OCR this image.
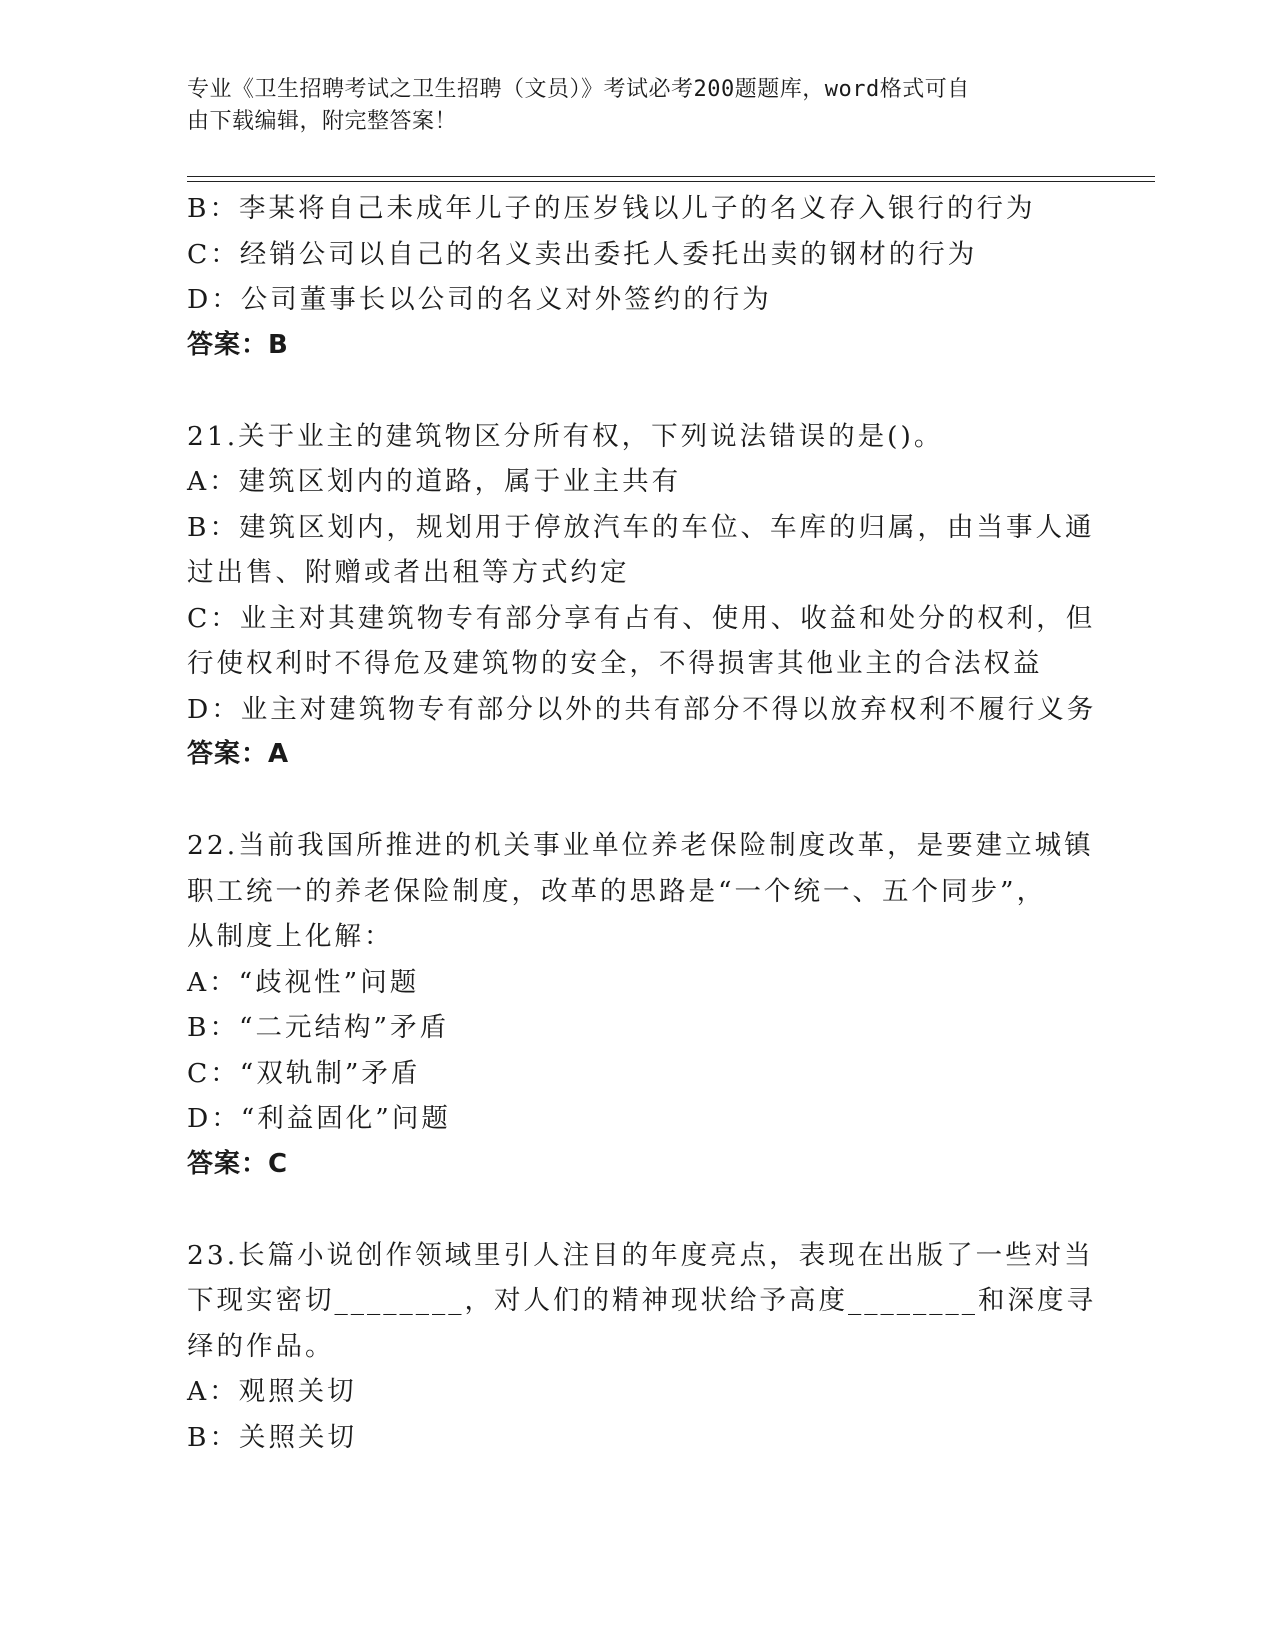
专业《卫生招聘考试之卫生招聘（文员）》考试必考200题题库，word格式可自
由下载编辑，附完整答案！
B：李某将自己未成年儿子的压岁钱以儿子的名义存入银行的行为
C：经销公司以自己的名义卖出委托人委托出卖的钢材的行为
D：公司董事长以公司的名义对外签约的行为
答案：B
21.关于业主的建筑物区分所有权，下列说法错误的是()。
A：建筑区划内的道路，属于业主共有
B：建筑区划内，规划用于停放汽车的车位、车库的归属，由当事人通
过出售、附赠或者出租等方式约定
C：业主对其建筑物专有部分享有占有、使用、收益和处分的权利，但
行使权利时不得危及建筑物的安全，不得损害其他业主的合法权益
D：业主对建筑物专有部分以外的共有部分不得以放弃权利不履行义务
答案：A
22.当前我国所推进的机关事业单位养老保险制度改革，是要建立城镇
职工统一的养老保险制度，改革的思路是“一个统一、五个同步”，
从制度上化解：
A：“歧视性”问题
B：“二元结构”矛盾
C：“双轨制”矛盾
D：“利益固化”问题
答案：C
23.长篇小说创作领域里引人注目的年度亮点，表现在出版了一些对当
下现实密切________，对人们的精神现状给予高度________和深度寻
绎的作品。
A：观照关切
B：关照关切
